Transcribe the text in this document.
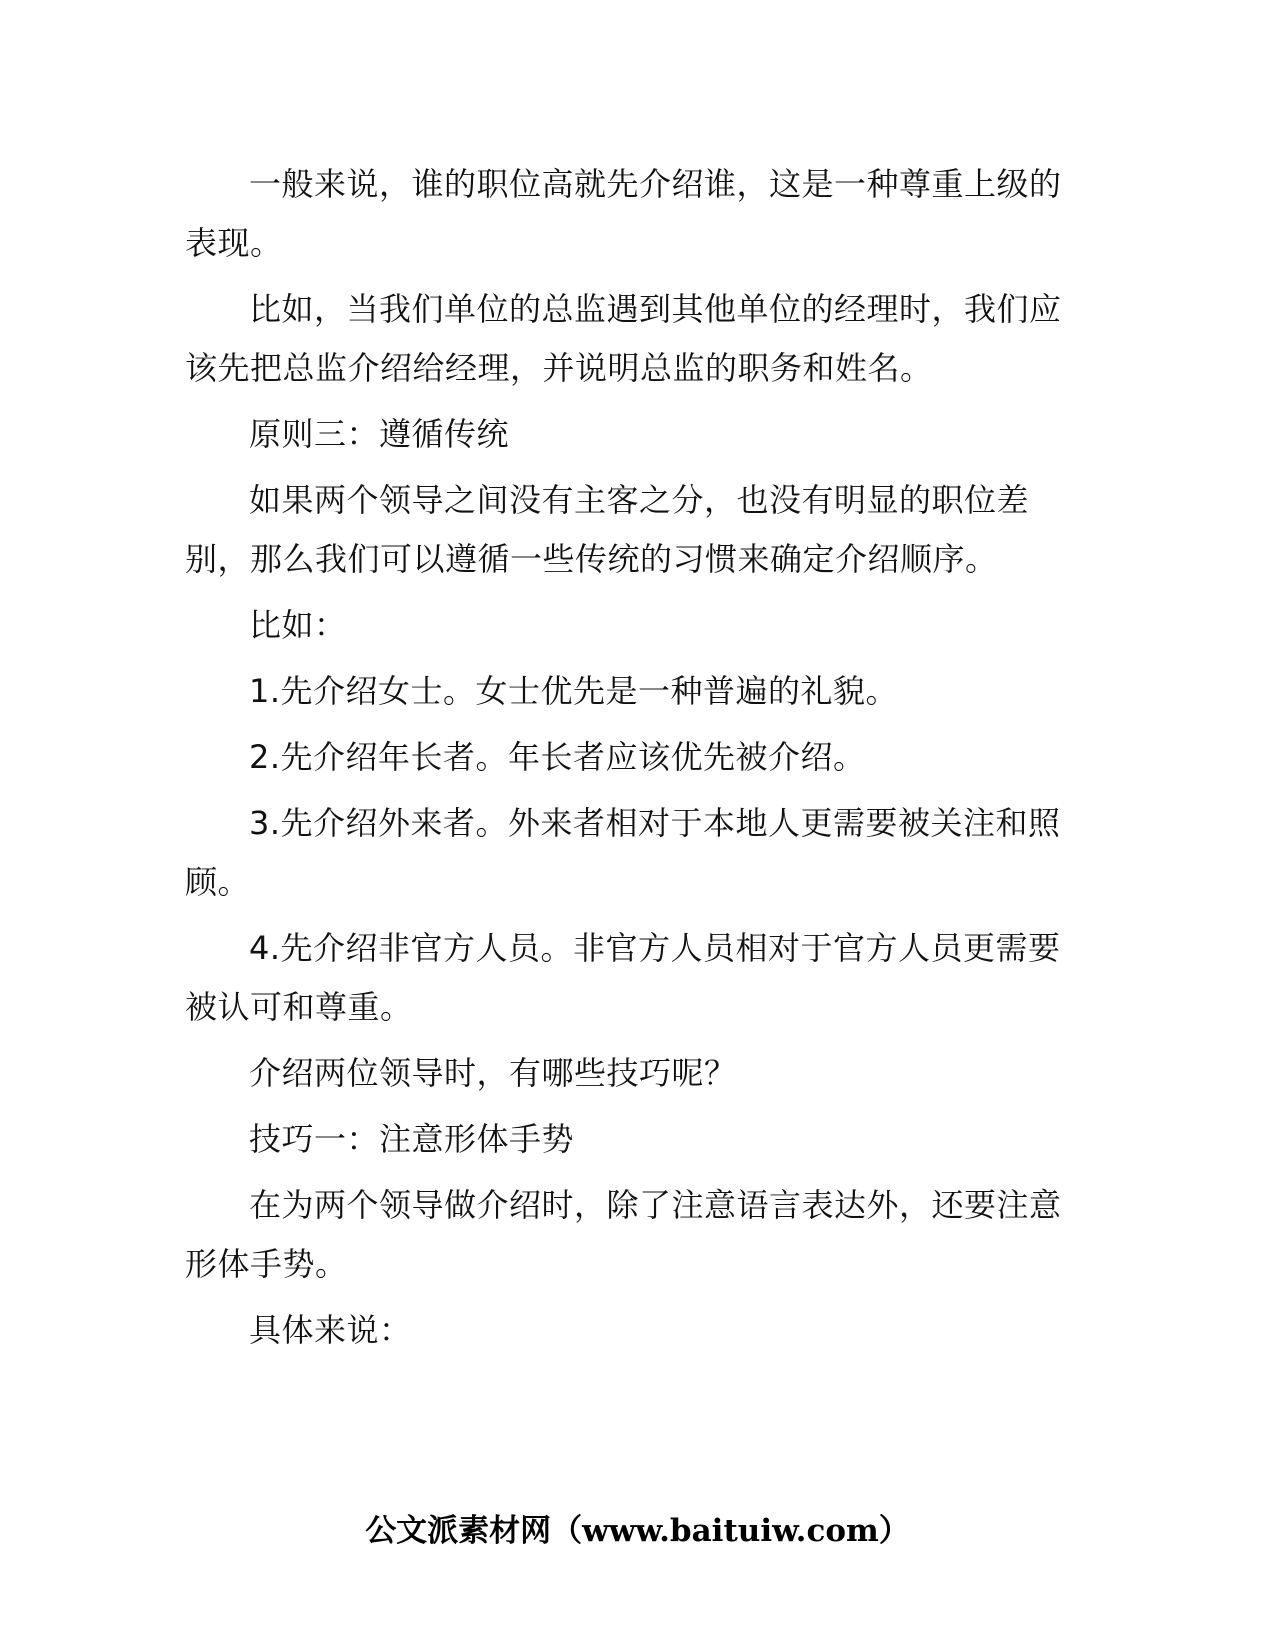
一般来说，谁的职位高就先介绍谁，这是一种尊重上级的表现。

比如，当我们单位的总监遇到其他单位的经理时，我们应该先把总监介绍给经理，并说明总监的职务和姓名。

原则三：遵循传统

如果两个领导之间没有主客之分，也没有明显的职位差别，那么我们可以遵循一些传统的习惯来确定介绍顺序。

比如：

1.先介绍女士。女士优先是一种普遍的礼貌。

2.先介绍年长者。年长者应该优先被介绍。

3.先介绍外来者。外来者相对于本地人更需要被关注和照顾。

4.先介绍非官方人员。非官方人员相对于官方人员更需要被认可和尊重。

介绍两位领导时，有哪些技巧呢？

技巧一：注意形体手势

在为两个领导做介绍时，除了注意语言表达外，还要注意形体手势。

具体来说：

公文派素材网（www.baituiw.com）
